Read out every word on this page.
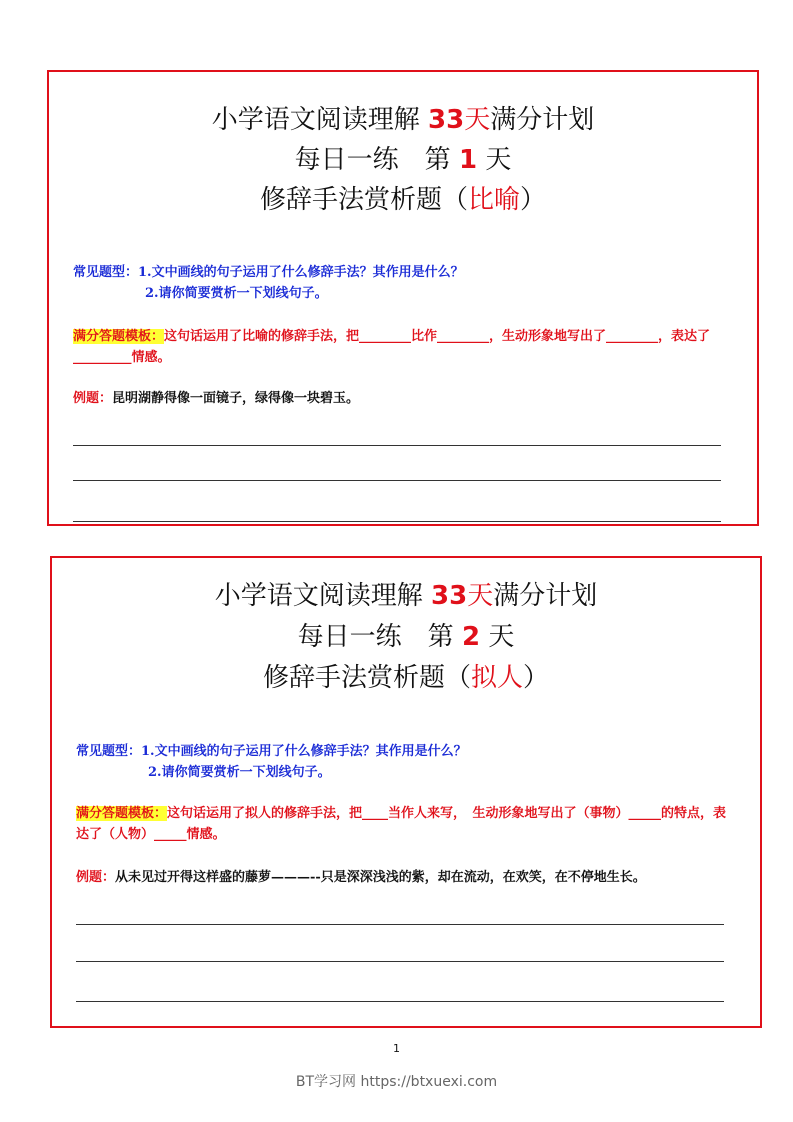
小学语文阅读理解 33天满分计划
每日一练　第 1 天
修辞手法赏析题（比喻）
常见题型：1.文中画线的句子运用了什么修辞手法？其作用是什么？
2.请你简要赏析一下划线句子。
满分答题模板：这句话运用了比喻的修辞手法，把________比作________，生动形象地写出了________，表达了_________情感。
例题：昆明湖静得像一面镜子，绿得像一块碧玉。
小学语文阅读理解 33天满分计划
每日一练　第 2 天
修辞手法赏析题（拟人）
常见题型：1.文中画线的句子运用了什么修辞手法？其作用是什么？
2.请你简要赏析一下划线句子。
满分答题模板：这句话运用了拟人的修辞手法，把____当作人来写，　生动形象地写出了（事物）_____的特点，表达了（人物）_____情感。
例题：从未见过开得这样盛的藤萝———--只是深深浅浅的紫，却在流动，在欢笑，在不停地生长。
1
BT学习网 https://btxuexi.com
